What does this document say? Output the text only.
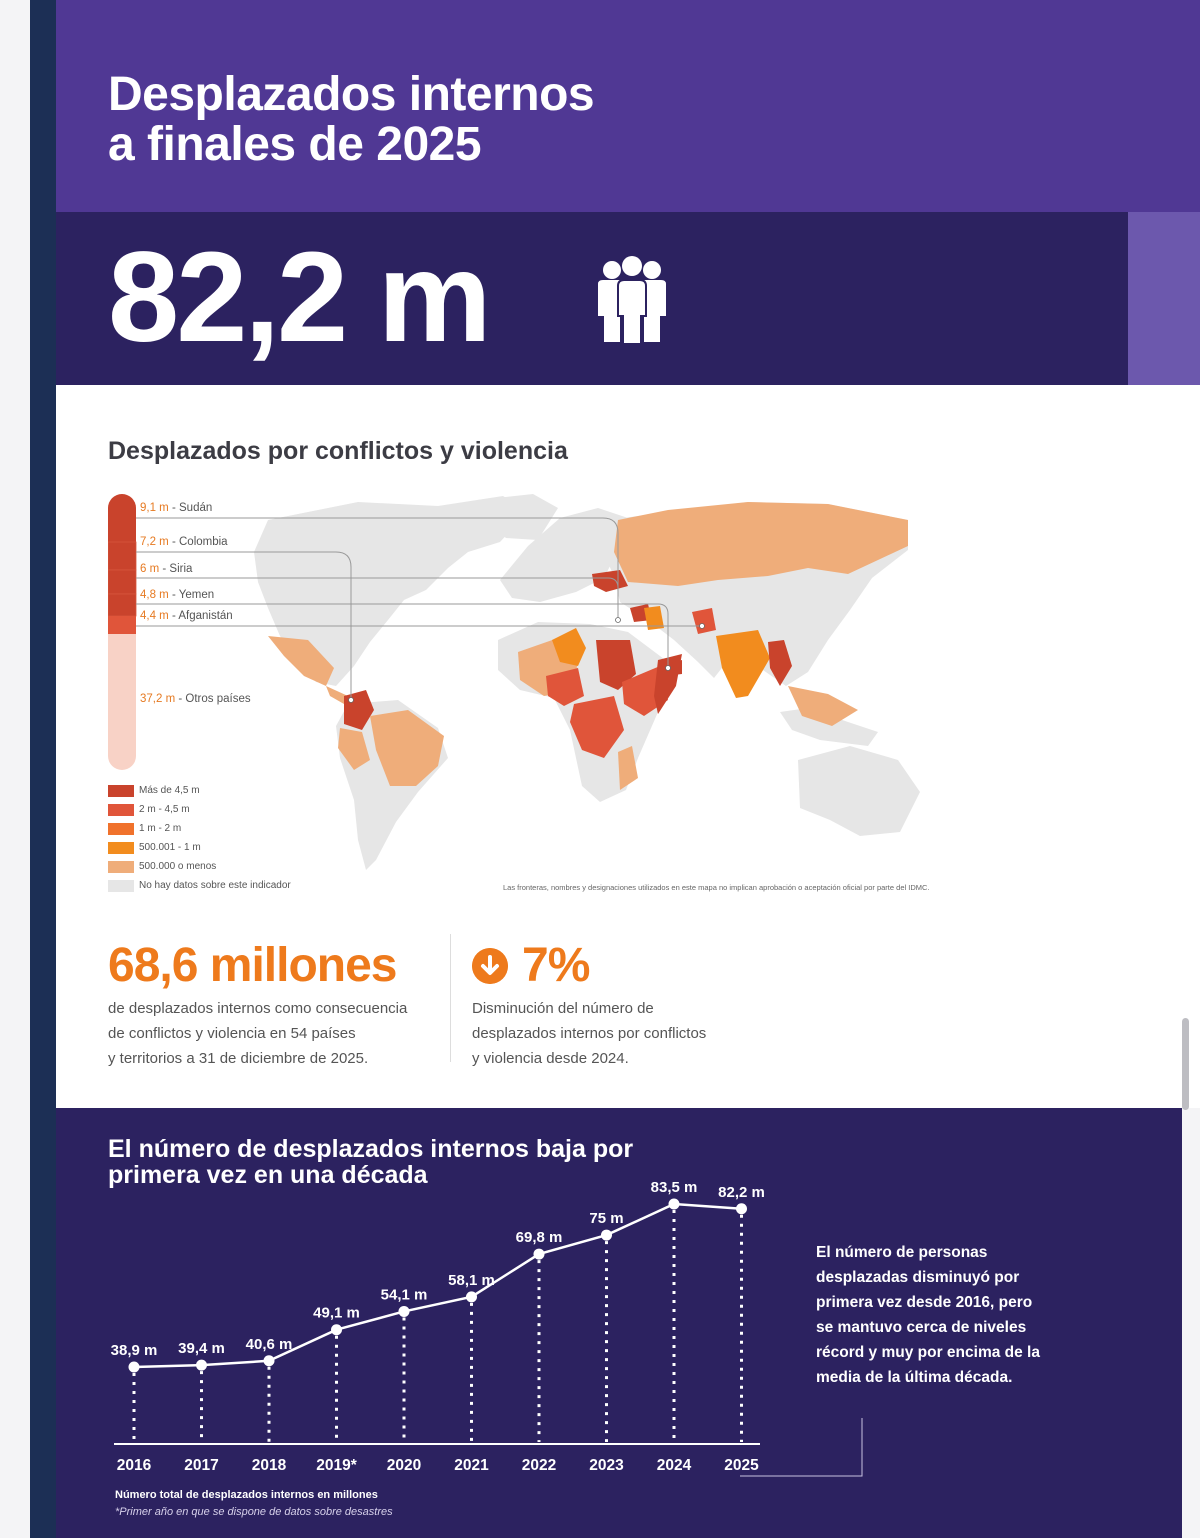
Desplazados internos
a finales de 2025
82,2 m
Desplazados por conflictos y violencia
9,1 m - Sudán
7,2 m - Colombia
6 m - Siria
4,8 m - Yemen
4,4 m - Afganistán
37,2 m - Otros países
Más de 4,5 m
2 m - 4,5 m
1 m - 2 m
500.001 - 1 m
500.000 o menos
No hay datos sobre este indicador	Las fronteras, nombres y designaciones utilizados en este mapa no implican aprobación o aceptación oficial por parte del IDMC.
68,6 millones
de desplazados internos como consecuencia
de conflictos y violencia en 54 países
y territorios a 31 de diciembre de 2025.
7%
Disminución del número de
desplazados internos por conflictos
y violencia desde 2024.
El número de desplazados internos baja por primera vez en una década
38,9 m 39,4 m 40,6 m
49,1 m
54,1 m
58,1 m
69,8 m
75 m
83,5 m 82,2 m
2016 2017 2018 2019* 2020 2021 2022 2023 2024 2025
El número de personas desplazadas disminuyó por primera vez desde 2016, pero se mantuvo cerca de niveles récord y muy por encima de la media de la última década.
Número total de desplazados internos en millones
*Primer año en que se dispone de datos sobre desastres
